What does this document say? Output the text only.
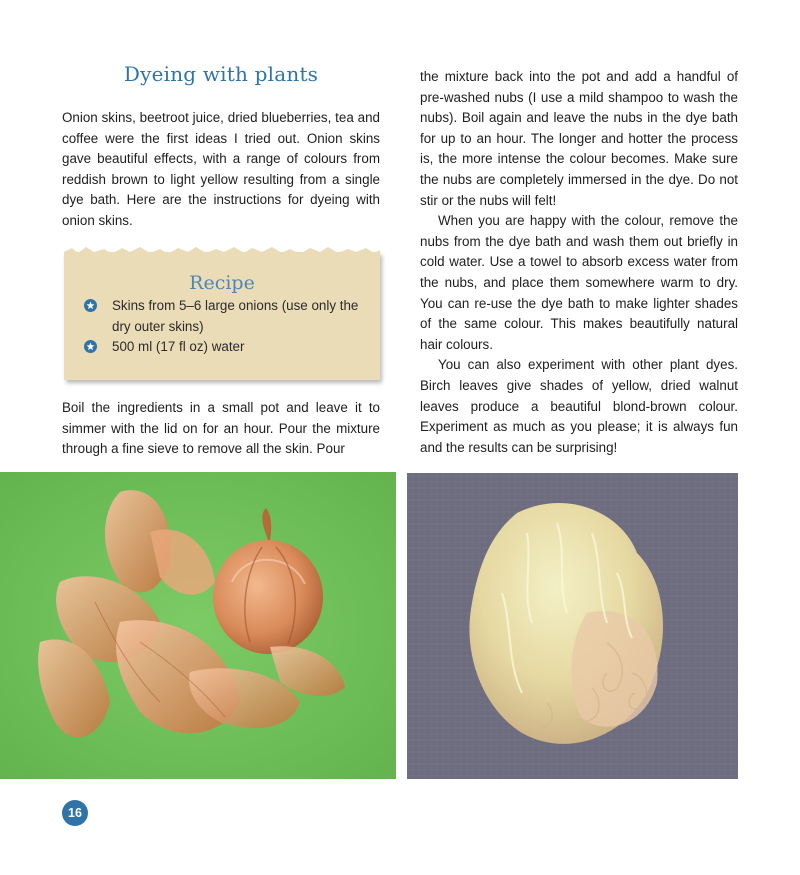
Dyeing with plants

Onion skins, beetroot juice, dried blueberries, tea and coffee were the first ideas I tried out. Onion skins gave beautiful effects, with a range of colours from reddish brown to light yellow resulting from a single dye bath. Here are the instructions for dyeing with onion skins.

Recipe
Skins from 5–6 large onions (use only the dry outer skins)
500 ml (17 fl oz) water

Boil the ingredients in a small pot and leave it to simmer with the lid on for an hour. Pour the mixture through a fine sieve to remove all the skin. Pour

the mixture back into the pot and add a handful of pre-washed nubs (I use a mild shampoo to wash the nubs). Boil again and leave the nubs in the dye bath for up to an hour. The longer and hotter the process is, the more intense the colour becomes. Make sure the nubs are completely immersed in the dye. Do not stir or the nubs will felt!

When you are happy with the colour, remove the nubs from the dye bath and wash them out briefly in cold water. Use a towel to absorb excess water from the nubs, and place them somewhere warm to dry. You can re-use the dye bath to make lighter shades of the same colour. This makes beautifully natural hair colours.

You can also experiment with other plant dyes. Birch leaves give shades of yellow, dried walnut leaves produce a beautiful blond-brown colour. Experiment as much as you please; it is always fun and the results can be surprising!

16
